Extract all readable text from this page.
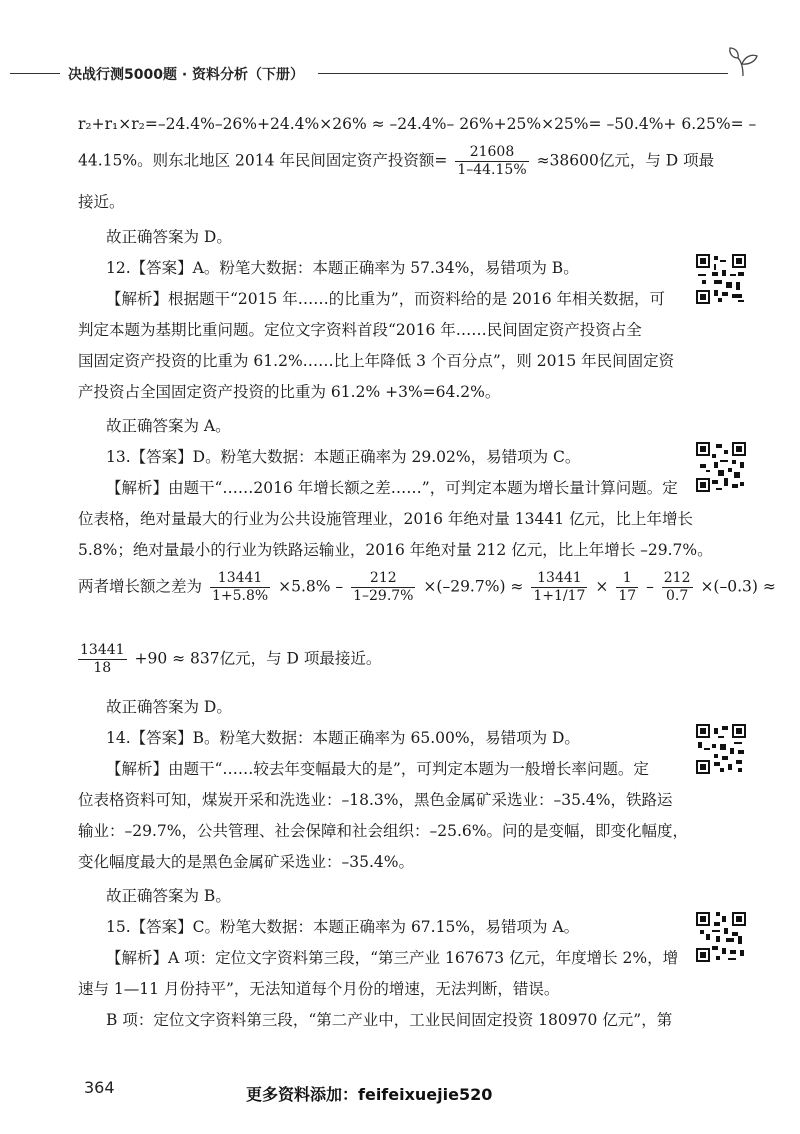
决战行测5000题 · 资料分析（下册）
r₂+r₁×r₂=–24.4%–26%+24.4%×26% ≈ –24.4%– 26%+25%×25%= –50.4%+ 6.25%= –
44.15%。则东北地区 2014 年民间固定资产投资额= $\frac{21608}{1-44.15\%} \approx 38600$亿元，与 D 项最
接近。
故正确答案为 D。
12.【答案】A。粉笔大数据：本题正确率为 57.34%，易错项为 B。
【解析】根据题干“2015 年……的比重为”，而资料给的是 2016 年相关数据，可
判定本题为基期比重问题。定位文字资料首段“2016 年……民间固定资产投资占全
国固定资产投资的比重为 61.2%……比上年降低 3 个百分点”，则 2015 年民间固定资
产投资占全国固定资产投资的比重为 61.2% +3%=64.2%。
故正确答案为 A。
13.【答案】D。粉笔大数据：本题正确率为 29.02%，易错项为 C。
【解析】由题干“……2016 年增长额之差……”，可判定本题为增长量计算问题。定
位表格，绝对量最大的行业为公共设施管理业，2016 年绝对量 13441 亿元，比上年增长
5.8%；绝对量最小的行业为铁路运输业，2016 年绝对量 212 亿元，比上年增长 –29.7%。
两者增长额之差为 $\frac{13441}{1+5.8\%} \times 5.8\% - \frac{212}{1-29.7\%} \times(-29.7\%) \approx \frac{13441}{1+1/17} \times \frac{1}{17} - \frac{212}{0.7} \times(-0.3)$ ≈
$\frac{13441}{18} +90 \approx 837$亿元，与 D 项最接近。
故正确答案为 D。
14.【答案】B。粉笔大数据：本题正确率为 65.00%，易错项为 D。
【解析】由题干“……较去年变幅最大的是”，可判定本题为一般增长率问题。定
位表格资料可知，煤炭开采和洗选业：–18.3%，黑色金属矿采选业：–35.4%，铁路运
输业：–29.7%，公共管理、社会保障和社会组织：–25.6%。问的是变幅，即变化幅度，
变化幅度最大的是黑色金属矿采选业：–35.4%。
故正确答案为 B。
15.【答案】C。粉笔大数据：本题正确率为 67.15%，易错项为 A。
【解析】A 项：定位文字资料第三段，“第三产业 167673 亿元，年度增长 2%，增
速与 1—11 月份持平”，无法知道每个月份的增速，无法判断，错误。
B 项：定位文字资料第三段，“第二产业中，工业民间固定投资 180970 亿元”，第
364	更多资料添加：feifeixuejie520
